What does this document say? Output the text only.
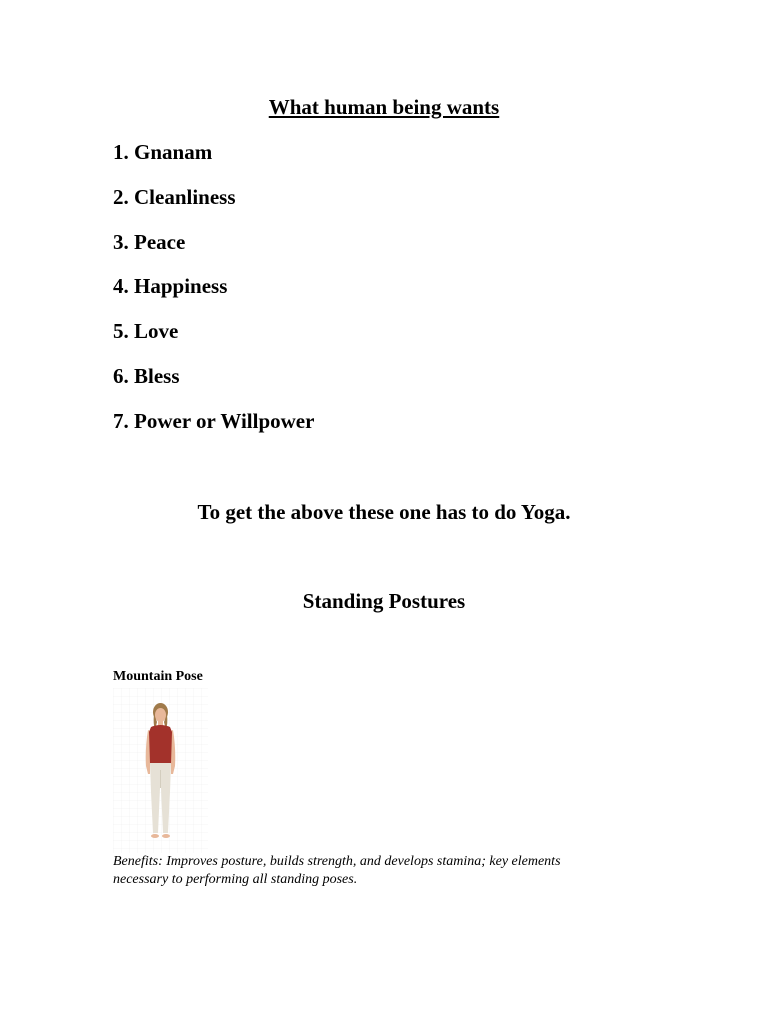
What human being wants
1. Gnanam
2. Cleanliness
3. Peace
4. Happiness
5. Love
6. Bless
7. Power or Willpower
To get the above these one has to do Yoga.
Standing Postures
Mountain Pose
Benefits: Improves posture, builds strength, and develops stamina; key elements necessary to performing all standing poses.
